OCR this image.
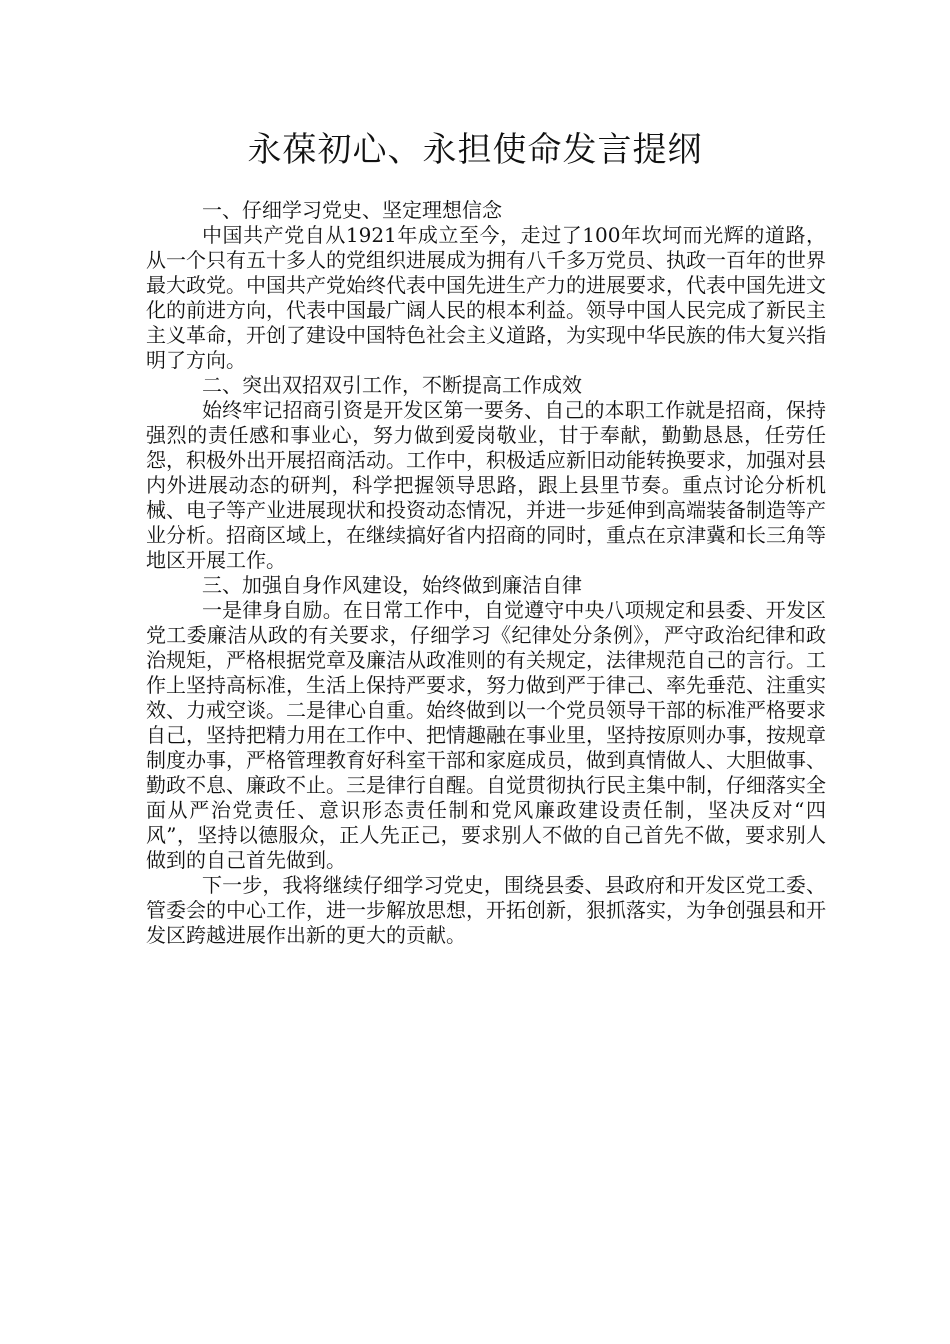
永葆初心、永担使命发言提纲

一、仔细学习党史、坚定理想信念

中国共产党自从1921年成立至今，走过了100年坎坷而光辉的道路，从一个只有五十多人的党组织进展成为拥有八千多万党员、执政一百年的世界最大政党。中国共产党始终代表中国先进生产力的进展要求，代表中国先进文化的前进方向，代表中国最广阔人民的根本利益。领导中国人民完成了新民主主义革命，开创了建设中国特色社会主义道路，为实现中华民族的伟大复兴指明了方向。

二、突出双招双引工作，不断提高工作成效

始终牢记招商引资是开发区第一要务、自己的本职工作就是招商，保持强烈的责任感和事业心，努力做到爱岗敬业，甘于奉献，勤勤恳恳，任劳任怨，积极外出开展招商活动。工作中，积极适应新旧动能转换要求，加强对县内外进展动态的研判，科学把握领导思路，跟上县里节奏。重点讨论分析机械、电子等产业进展现状和投资动态情况，并进一步延伸到高端装备制造等产业分析。招商区域上，在继续搞好省内招商的同时，重点在京津冀和长三角等地区开展工作。

三、加强自身作风建设，始终做到廉洁自律

一是律身自励。在日常工作中，自觉遵守中央八项规定和县委、开发区党工委廉洁从政的有关要求，仔细学习《纪律处分条例》，严守政治纪律和政治规矩，严格根据党章及廉洁从政准则的有关规定，法律规范自己的言行。工作上坚持高标准，生活上保持严要求，努力做到严于律己、率先垂范、注重实效、力戒空谈。二是律心自重。始终做到以一个党员领导干部的标准严格要求自己，坚持把精力用在工作中、把情趣融在事业里，坚持按原则办事，按规章制度办事，严格管理教育好科室干部和家庭成员，做到真情做人、大胆做事、勤政不息、廉政不止。三是律行自醒。自觉贯彻执行民主集中制，仔细落实全面从严治党责任、意识形态责任制和党风廉政建设责任制，坚决反对“四风”，坚持以德服众，正人先正己，要求别人不做的自己首先不做，要求别人做到的自己首先做到。

下一步，我将继续仔细学习党史，围绕县委、县政府和开发区党工委、管委会的中心工作，进一步解放思想，开拓创新，狠抓落实，为争创强县和开发区跨越进展作出新的更大的贡献。
